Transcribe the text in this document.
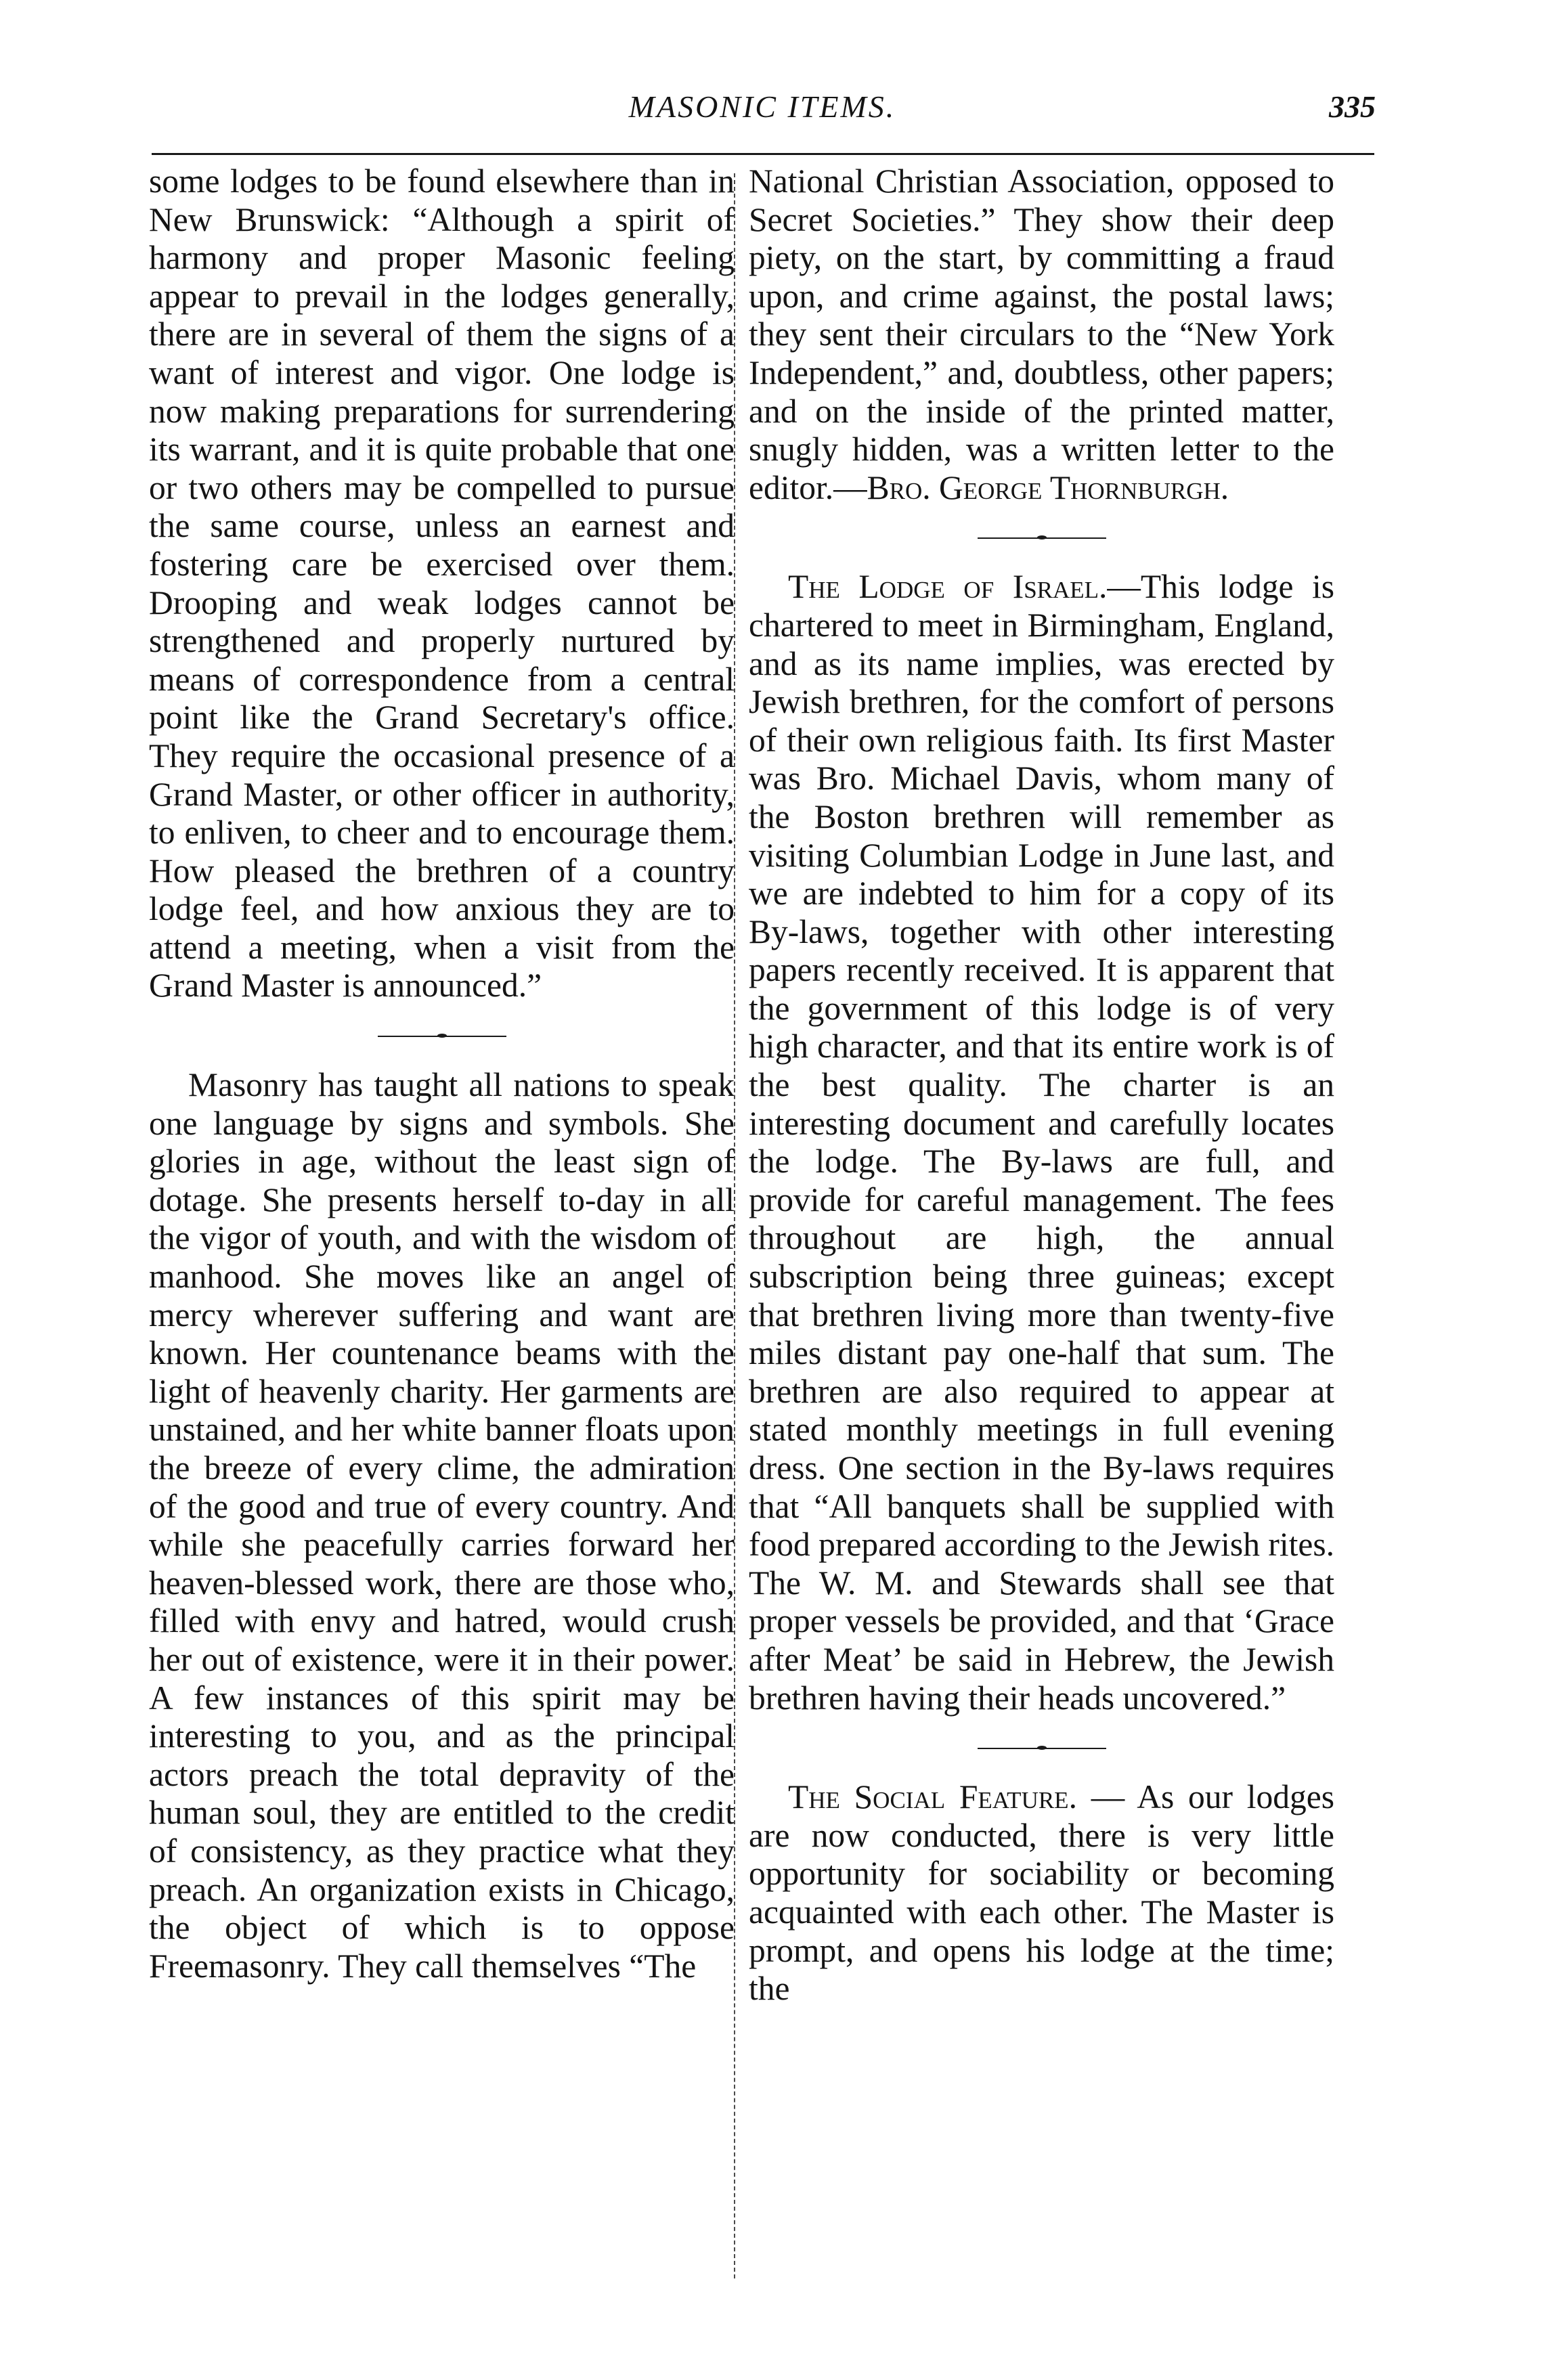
MASONIC ITEMS.	335

some lodges to be found elsewhere than in New Brunswick: “Although a spirit of harmony and proper Masonic feeling appear to prevail in the lodges generally, there are in several of them the signs of a want of interest and vigor. One lodge is now making preparations for surrendering its warrant, and it is quite probable that one or two others may be compelled to pursue the same course, unless an earnest and fostering care be exercised over them. Drooping and weak lodges cannot be strengthened and properly nurtured by means of correspondence from a central point like the Grand Secretary's office. They require the occasional presence of a Grand Master, or other officer in authority, to enliven, to cheer and to encourage them. How pleased the brethren of a country lodge feel, and how anxious they are to attend a meeting, when a visit from the Grand Master is announced.”

Masonry has taught all nations to speak one language by signs and symbols. She glories in age, without the least sign of dotage. She presents herself to-day in all the vigor of youth, and with the wisdom of manhood. She moves like an angel of mercy wherever suffering and want are known. Her countenance beams with the light of heavenly charity. Her garments are unstained, and her white banner floats upon the breeze of every clime, the admiration of the good and true of every country. And while she peacefully carries forward her heaven-blessed work, there are those who, filled with envy and hatred, would crush her out of existence, were it in their power. A few instances of this spirit may be interesting to you, and as the principal actors preach the total depravity of the human soul, they are entitled to the credit of consistency, as they practice what they preach. An organization exists in Chicago, the object of which is to oppose Freemasonry. They call themselves “The

National Christian Association, opposed to Secret Societies.” They show their deep piety, on the start, by committing a fraud upon, and crime against, the postal laws; they sent their circulars to the “New York Independent,” and, doubtless, other papers; and on the inside of the printed matter, snugly hidden, was a written letter to the editor.—Bro. George Thornburgh.

The Lodge of Israel.—This lodge is chartered to meet in Birmingham, England, and as its name implies, was erected by Jewish brethren, for the comfort of persons of their own religious faith. Its first Master was Bro. Michael Davis, whom many of the Boston brethren will remember as visiting Columbian Lodge in June last, and we are indebted to him for a copy of its By-laws, together with other interesting papers recently received. It is apparent that the government of this lodge is of very high character, and that its entire work is of the best quality. The charter is an interesting document and carefully locates the lodge. The By-laws are full, and provide for careful management. The fees throughout are high, the annual subscription being three guineas; except that brethren living more than twenty-five miles distant pay one-half that sum. The brethren are also required to appear at stated monthly meetings in full evening dress. One section in the By-laws requires that “All banquets shall be supplied with food prepared according to the Jewish rites. The W. M. and Stewards shall see that proper vessels be provided, and that ‘Grace after Meat’ be said in Hebrew, the Jewish brethren having their heads uncovered.”

The Social Feature. — As our lodges are now conducted, there is very little opportunity for sociability or becoming acquainted with each other. The Master is prompt, and opens his lodge at the time; the
